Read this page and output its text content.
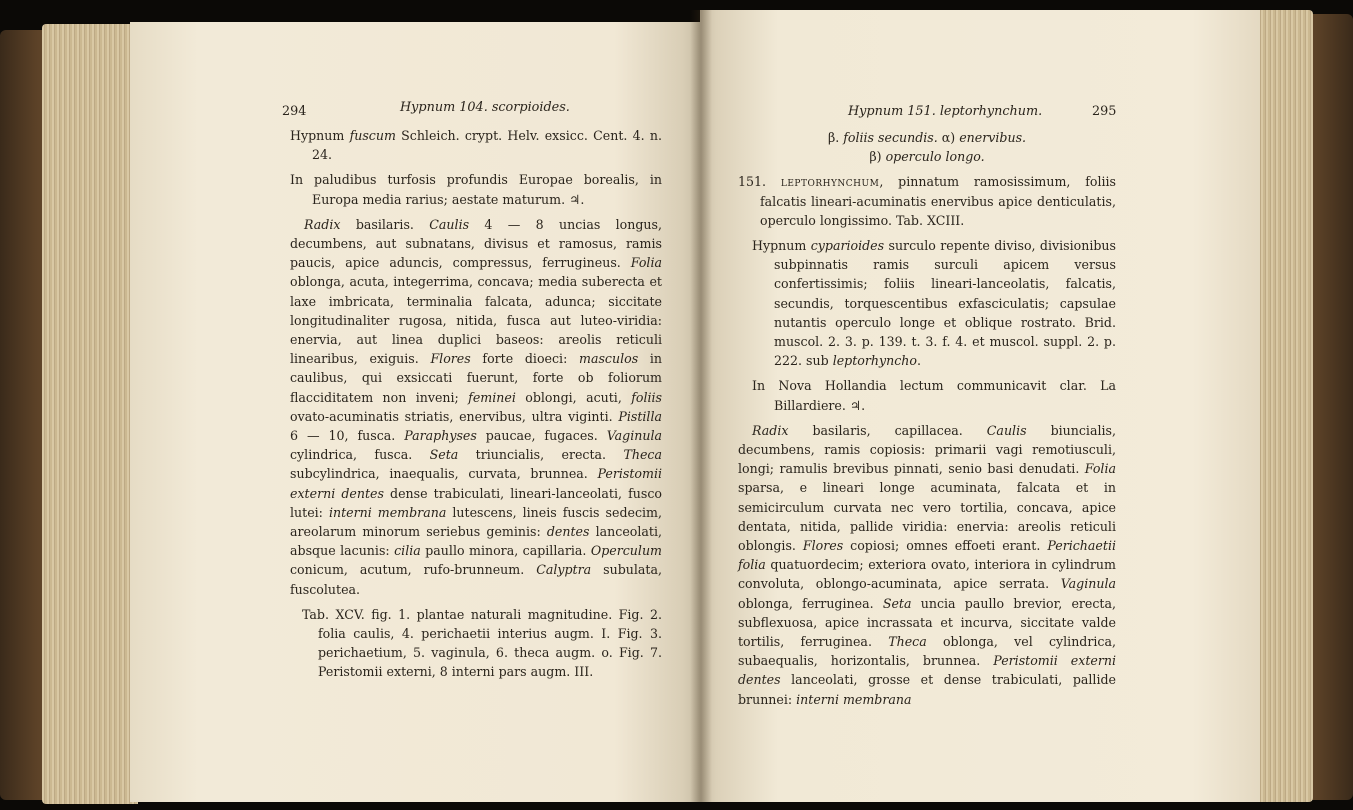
294	Hypnum 104. scorpioides.

Hypnum fuscum Schleich. crypt. Helv. exsicc. Cent. 4. n. 24.

In paludibus turfosis profundis Europae borealis, in Europa media rarius; aestate maturum. ♃.

Radix basilaris. Caulis 4 — 8 uncias longus, decumbens, aut subnatans, divisus et ramosus, ramis paucis, apice aduncis, compressus, ferrugineus. Folia oblonga, acuta, integerrima, concava; media suberecta et laxe imbricata, terminalia falcata, adunca; siccitate longitudinaliter rugosa, nitida, fusca aut luteo-viridia: enervia, aut linea duplici baseos: areolis reticuli linearibus, exiguis. Flores forte dioeci: masculos in caulibus, qui exsiccati fuerunt, forte ob foliorum flacciditatem non inveni; feminei oblongi, acuti, foliis ovato-acuminatis striatis, enervibus, ultra viginti. Pistilla 6 — 10, fusca. Paraphyses paucae, fugaces. Vaginula cylindrica, fusca. Seta triuncialis, erecta. Theca subcylindrica, inaequalis, curvata, brunnea. Peristomii externi dentes dense trabiculati, lineari-lanceolati, fusco lutei: interni membrana lutescens, lineis fuscis sedecim, areolarum minorum seriebus geminis: dentes lanceolati, absque lacunis: cilia paullo minora, capillaria. Operculum conicum, acutum, rufo-brunneum. Calyptra subulata, fuscolutea.

Tab. XCV. fig. 1. plantae naturali magnitudine. Fig. 2. folia caulis, 4. perichaetii interius augm. I. Fig. 3. perichaetium, 5. vaginula, 6. theca augm. o. Fig. 7. Peristomii externi, 8 interni pars augm. III.

Hypnum 151. leptorhynchum.	295

β. foliis secundis. α) enervibus.

β) operculo longo.

151. leptorhynchum, pinnatum ramosissimum, foliis falcatis lineari-acuminatis enervibus apice denticulatis, operculo longissimo. Tab. XCIII.

Hypnum cyparioides surculo repente diviso, divisionibus subpinnatis ramis surculi apicem versus confertissimis; foliis lineari-lanceolatis, falcatis, secundis, torquescentibus exfasciculatis; capsulae nutantis operculo longe et oblique rostrato. Brid. muscol. 2. 3. p. 139. t. 3. f. 4. et muscol. suppl. 2. p. 222. sub leptorhyncho.

In Nova Hollandia lectum communicavit clar. La Billardiere. ♃.

Radix basilaris, capillacea. Caulis biuncialis, decumbens, ramis copiosis: primarii vagi remotiusculi, longi; ramulis brevibus pinnati, senio basi denudati. Folia sparsa, e lineari longe acuminata, falcata et in semicirculum curvata nec vero tortilia, concava, apice dentata, nitida, pallide viridia: enervia: areolis reticuli oblongis. Flores copiosi; omnes effoeti erant. Perichaetii folia quatuordecim; exteriora ovato, interiora in cylindrum convoluta, oblongo-acuminata, apice serrata. Vaginula oblonga, ferruginea. Seta uncia paullo brevior, erecta, subflexuosa, apice incrassata et incurva, siccitate valde tortilis, ferruginea. Theca oblonga, vel cylindrica, subaequalis, horizontalis, brunnea. Peristomii externi dentes lanceolati, grosse et dense trabiculati, pallide brunnei: interni membrana
